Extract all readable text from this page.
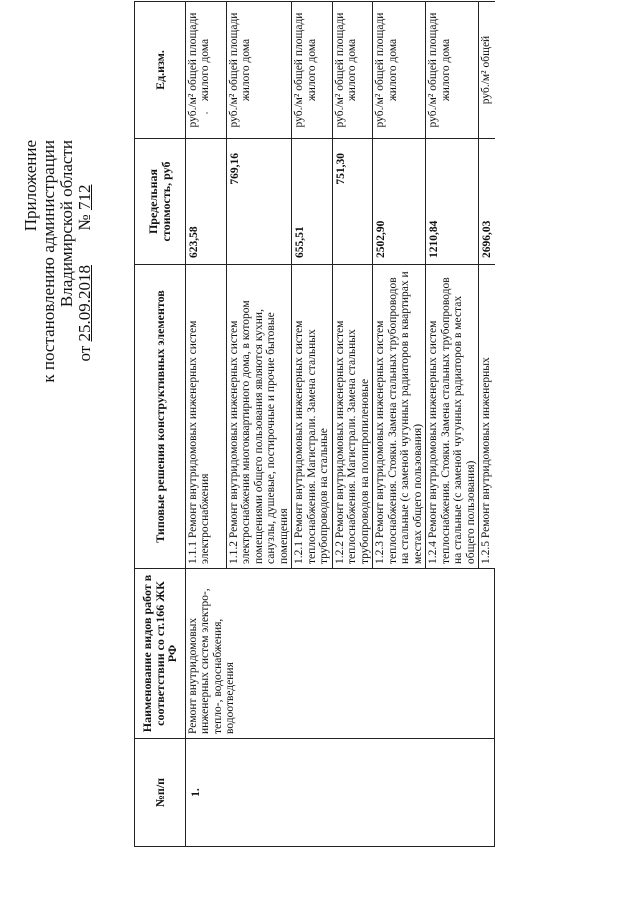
Приложение к постановлению администрации Владимирской области
от 25.09.2018  № 712
№п/п	Наименование видов работ в соответствии со ст.166 ЖК РФ	Типовые решения конструктивных элементов	Предельная стоимость, руб	Ед.изм.
1.	Ремонт внутридомовых инженерных систем электро-, тепло-, водоснабжения, водоотведения	1.1.1 Ремонт внутридомовых инженерных систем электроснабжения	623,58	руб./м² общей площади жилого дома
		1.1.2 Ремонт внутридомовых инженерных систем электроснабжения многоквартирного дома, в котором помещениями общего пользования являются кухни, санузлы, душевые, постирочные и прочие бытовые помещения	769,16	руб./м² общей площади жилого дома
		1.2.1 Ремонт внутридомовых инженерных систем теплоснабжения. Магистрали. Замена стальных трубопроводов на стальные	655,51	руб./м² общей площади жилого дома
		1.2.2 Ремонт внутридомовых инженерных систем теплоснабжения. Магистрали. Замена стальных трубопроводов на полипропиленовые	751,30	руб./м² общей площади жилого дома
		1.2.3 Ремонт внутридомовых инженерных систем теплоснабжения. Стояки. Замена стальных трубопроводов на стальные (с заменой чугунных радиаторов в квартирах и местах общего пользования)	2502,90	руб./м² общей площади жилого дома
		1.2.4 Ремонт внутридомовых инженерных систем теплоснабжения. Стояки. Замена стальных трубопроводов на стальные (с заменой чугунных радиаторов в местах общего пользования)	1210,84	руб./м² общей площади жилого дома
		1.2.5 Ремонт внутридомовых инженерных	2696,03	руб./м² общей
